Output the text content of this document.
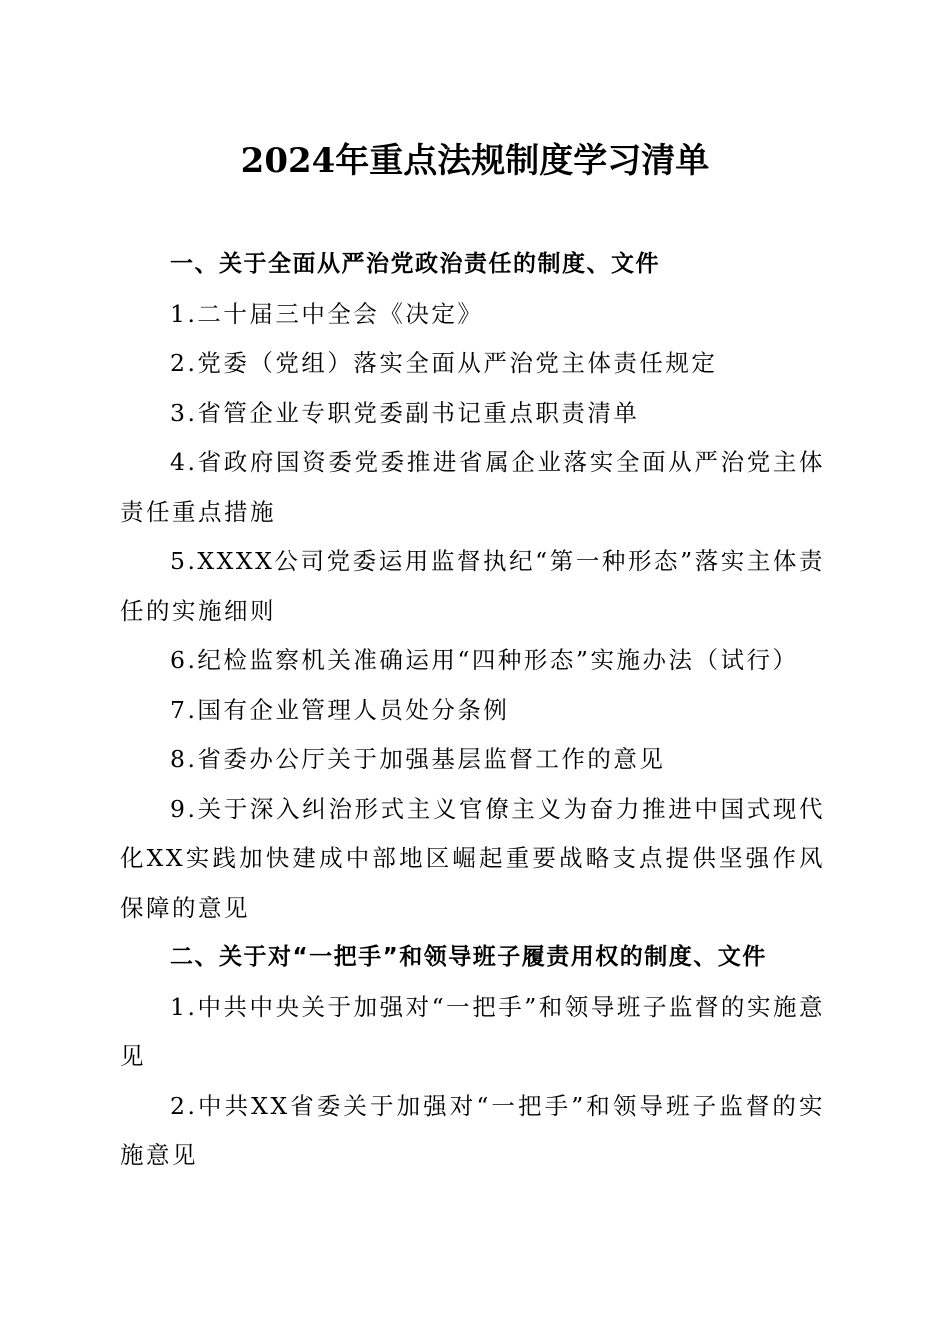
2024年重点法规制度学习清单

一、关于全面从严治党政治责任的制度、文件

1.二十届三中全会《决定》

2.党委（党组）落实全面从严治党主体责任规定

3.省管企业专职党委副书记重点职责清单

4.省政府国资委党委推进省属企业落实全面从严治党主体责任重点措施

5.XXXX公司党委运用监督执纪“第一种形态”落实主体责任的实施细则

6.纪检监察机关准确运用“四种形态”实施办法（试行）

7.国有企业管理人员处分条例

8.省委办公厅关于加强基层监督工作的意见

9.关于深入纠治形式主义官僚主义为奋力推进中国式现代化XX实践加快建成中部地区崛起重要战略支点提供坚强作风保障的意见

二、关于对“一把手”和领导班子履责用权的制度、文件

1.中共中央关于加强对“一把手”和领导班子监督的实施意见

2.中共XX省委关于加强对“一把手”和领导班子监督的实施意见
